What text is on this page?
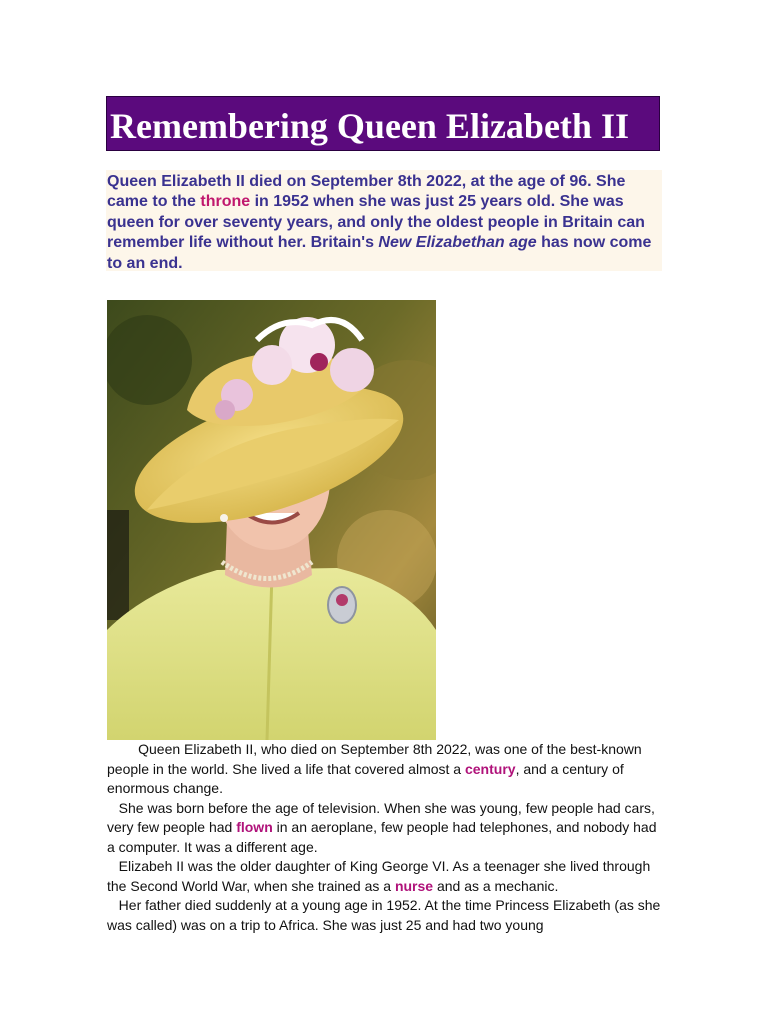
Remembering Queen Elizabeth II
Queen Elizabeth II died on September 8th 2022, at the age of 96. She came to the throne in 1952 when she was just 25 years old. She was queen for over seventy years, and only the oldest people in Britain can remember life without her. Britain's New Elizabethan age has now come to an end.

Queen Elizabeth II, who died on September 8th 2022, was one of the best-known people in the world. She lived a life that covered almost a century, and a century of enormous change.

She was born before the age of television. When she was young, few people had cars, very few people had flown in an aeroplane, few people had telephones, and nobody had a computer. It was a different age.

Elizabeh II was the older daughter of King George VI. As a teenager she lived through the Second World War, when she trained as a nurse and as a mechanic.

Her father died suddenly at a young age in 1952. At the time Princess Elizabeth (as she was called) was on a trip to Africa. She was just 25 and had two young
